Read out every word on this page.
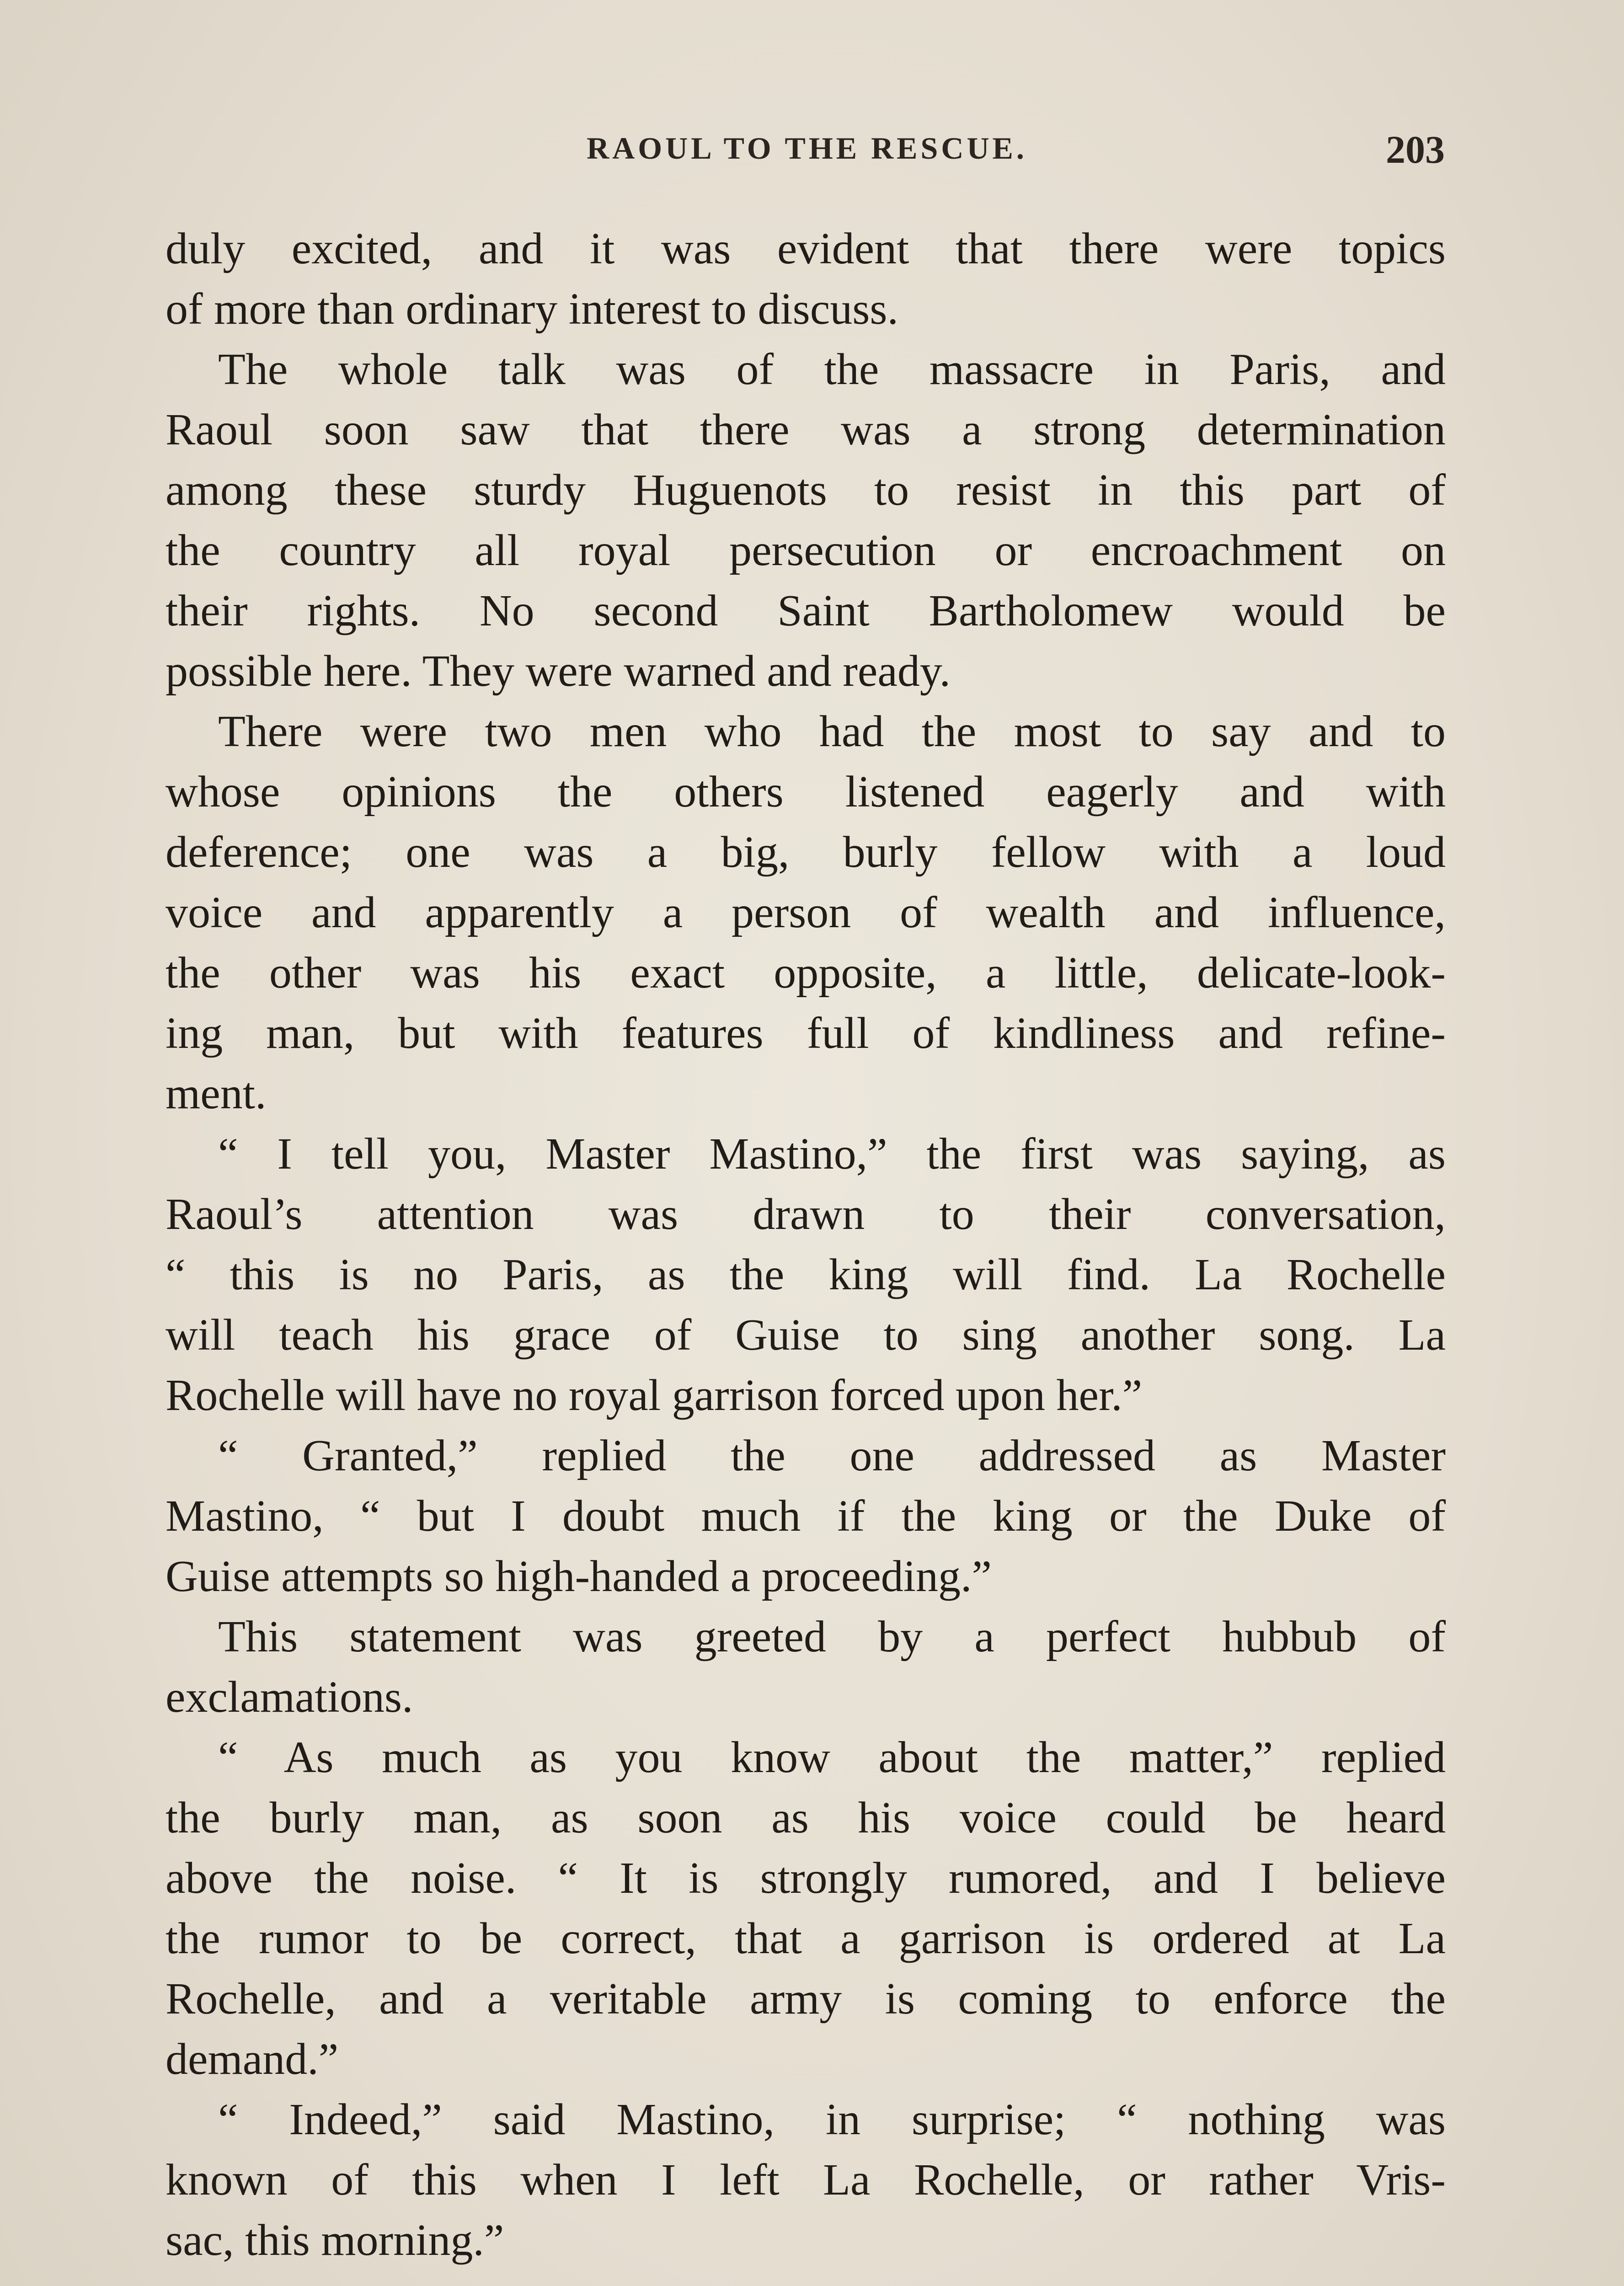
RAOUL TO THE RESCUE.	203
duly excited, and it was evident that there were topics
of more than ordinary interest to discuss.
The whole talk was of the massacre in Paris, and
Raoul soon saw that there was a strong determination
among these sturdy Huguenots to resist in this part of
the country all royal persecution or encroachment on
their rights. No second Saint Bartholomew would be
possible here. They were warned and ready.
There were two men who had the most to say and to
whose opinions the others listened eagerly and with
deference; one was a big, burly fellow with a loud
voice and apparently a person of wealth and influence,
the other was his exact opposite, a little, delicate-look-
ing man, but with features full of kindliness and refine-
ment.
“ I tell you, Master Mastino,” the first was saying, as
Raoul’s attention was drawn to their conversation,
“ this is no Paris, as the king will find. La Rochelle
will teach his grace of Guise to sing another song. La
Rochelle will have no royal garrison forced upon her.”
“ Granted,” replied the one addressed as Master
Mastino, “ but I doubt much if the king or the Duke of
Guise attempts so high-handed a proceeding.”
This statement was greeted by a perfect hubbub of
exclamations.
“ As much as you know about the matter,” replied
the burly man, as soon as his voice could be heard
above the noise. “ It is strongly rumored, and I believe
the rumor to be correct, that a garrison is ordered at La
Rochelle, and a veritable army is coming to enforce the
demand.”
“ Indeed,” said Mastino, in surprise; “ nothing was
known of this when I left La Rochelle, or rather Vris-
sac, this morning.”
